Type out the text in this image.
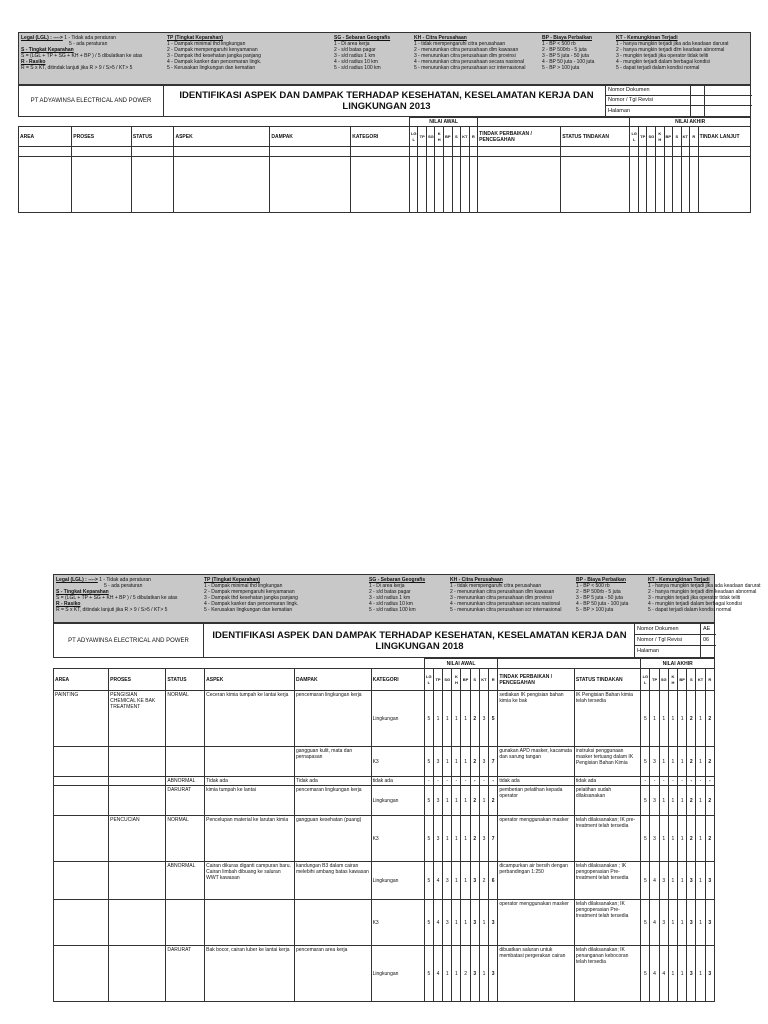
Legal (LGL) : ----> 1 - Tidak ada peraturan
5 - ada peraturan
S - Tingkat Keparahan
S = (LGL + TP + SG + KH + BP ) / 5 dibulatkan ke atas
R - Rasiko
R = S x KT, ditindak lanjuti jika R > 9 / S>5 / KT> 5
TP (Tingkat Keparahan)
1 - Dampak minimal thd lingkungan
2 - Dampak mempengaruhi kenyamanan
3 - Dampak thd kesehatan jangka panjang
4 - Dampak kanker dan pencemaran lingk.
5 - Kerusakan lingkungan dan kematian
SG - Sebaran Geografis
1 - Di area kerja
2 - s/d batas pagar
3 - s/d radius 1 km
4 - s/d radius 10 km
5 - s/d radius 100 km
KH - Citra Perusahaan
1 - tidak mempengaruhi citra perusahaan
2 - menurunkan citra perusahaan dlm kawasan
3 - menurunkan citra perusahaan dlm provinsi
4 - menurunkan citra perusahaan secara nasional
5 - menurunkan citra perusahaan scr internasional
BP - Biaya Perbaikan
1 - BP < 500 rb
2 - BP 500rb - 5 juta
3 - BP 5 juta - 50 juta
4 - BP 50 juta - 100 juta
5 - BP > 100 juta
KT - Kemungkinan Terjadi
1 - hanya mungkin terjadi jika ada keadaan darurat
2 - hanya mungkin terjadi dlm keadaan abnormal
3 - mungkin terjadi jika operator tidak teliti
4 - mungkin terjadi dalam berbagai kondisi
5 - dapat terjadi dalam kondisi normal
PT ADYAWINSA ELECTRICAL AND POWER	IDENTIFIKASI ASPEK DAN DAMPAK TERHADAP KESEHATAN, KESELAMATAN KERJA DAN
LINGKUNGAN 2013
Nomor Dokumen
Nomor / Tgl Revisi
Halaman
						NILAI AWAL										NILAI AKHIR								
AREA	PROSES	STATUS	ASPEK	DAMPAK	KATEGORI	LG L	TP	SG	K H	BP	S	KT	R	TINDAK PERBAIKAN / PENCEGAHAN	STATUS TINDAKAN	LG L	TP	SG	K H	BP	S	KT	R	TINDAK LANJUT

Legal (LGL) : ----> 1 - Tidak ada peraturan
5 - ada peraturan
S - Tingkat Keparahan
S = (LGL + TP + SG + KH + BP ) / 5 dibulatkan ke atas
R - Rasiko
R = S x KT, ditindak lanjuti jika R > 9 / S>5 / KT> 5
TP (Tingkat Keparahan)
1 - Dampak minimal thd lingkungan
2 - Dampak mempengaruhi kenyamanan
3 - Dampak thd kesehatan jangka panjang
4 - Dampak kanker dan pencemaran lingk.
5 - Kerusakan lingkungan dan kematian
SG - Sebaran Geografis
1 - Di area kerja
2 - s/d batas pagar
3 - s/d radius 1 km
4 - s/d radius 10 km
5 - s/d radius 100 km
KH - Citra Perusahaan
1 - tidak mempengaruhi citra perusahaan
2 - menurunkan citra perusahaan dlm kawasan
3 - menurunkan citra perusahaan dlm provinsi
4 - menurunkan citra perusahaan secara nasional
5 - menurunkan citra perusahaan scr internasional
BP - Biaya Perbaikan
1 - BP < 500 rb
2 - BP 500rb - 5 juta
3 - BP 5 juta - 50 juta
4 - BP 50 juta - 100 juta
5 - BP > 100 juta
KT - Kemungkinan Terjadi
1 - hanya mungkin terjadi jika ada keadaan darurat
2 - hanya mungkin terjadi dlm keadaan abnormal
3 - mungkin terjadi jika operator tidak teliti
4 - mungkin terjadi dalam berbagai kondisi
5 - dapat terjadi dalam kondisi normal
PT ADYAWINSA ELECTRICAL AND POWER	IDENTIFIKASI ASPEK DAN DAMPAK TERHADAP KESEHATAN, KESELAMATAN KERJA DAN
LINGKUNGAN 2018
Nomor Dokumen	AE
Nomor / Tgl Revisi	06
Halaman
						NILAI AWAL										NILAI AKHIR							
AREA	PROSES	STATUS	ASPEK	DAMPAK	KATEGORI	LG L	TP	SG	K H	BP	S	KT	R	TINDAK PERBAIKAN / PENCEGAHAN	STATUS TINDAKAN	LG L	TP	SG	K H	BP	S	KT	R
PAINTING	PENGISIAN CHEMICAL KE BAK TREATMENT	NORMAL	Ceceran kimia tumpah ke lantai kerja	pencemaran lingkungan kerja	Lingkungan	5	1	1	1	1	2	3	5	sediakan IK pengisian bahan kimia ke bak	IK Pengisian Bahan kimia telah tersedia	5	1	1	1	1	2	1	2
				gangguan kulit, mata dan pernapasan	K3	5	3	1	1	1	2	3	7	gunakan APD masker, kacamata dan sarung tangan	instruksi penggunaan masker tertuang dalam IK Pengisian Bahan Kimia	5	3	1	1	1	2	1	2
		ABNORMAL	Tidak ada	Tidak ada	tidak ada	-	-	-	-	-	-	-	-	tidak ada	tidak ada	-	-	-	-	-	-	-	-
		DARURAT	kimia tumpah ke lantai	pencemaran lingkungan kerja	Lingkungan	5	3	1	1	1	2	1	2	pemberian pelatihan kepada operator	pelatihan sudah dilaksanakan	5	3	1	1	1	2	1	2
	PENCUCIAN	NORMAL	Pencelupan material ke larutan kimia	gangguan kesehatan (puang)	K3	5	3	1	1	1	2	3	7	operator menggunakan masker	telah dilaksanakan; IK pre-treatment telah tersedia	5	3	1	1	1	2	1	2
		ABNORMAL	Cairan dikuras diganti campuran baru. Cairan limbah dibuang ke saluran WWT kawasan	kandungan B3 dalam cairan melebihi ambang batas kawasan	Lingkungan	5	4	3	1	1	3	2	6	dicampurkan air bersih dengan perbandingan 1:250	telah dilaksanakan ; IK pengoperasian Pre-treatment telah tersedia	5	4	3	1	1	3	1	3
					K3	5	4	3	1	1	3	1	3	operator menggunakan masker	telah dilaksanakan; IK pengoperasian Pre-treatment telah tersedia	5	4	3	1	1	3	1	3
		DARURAT	Bak bocor, cairan luber ke lantai kerja	pencemaran area kerja	Lingkungan	5	4	1	1	2	3	1	3	dibuatkan saluran untuk membatasi pergerakan cairan	telah dilaksanakan; IK penanganan kebocoran telah tersedia	5	4	4	1	1	3	1	3
